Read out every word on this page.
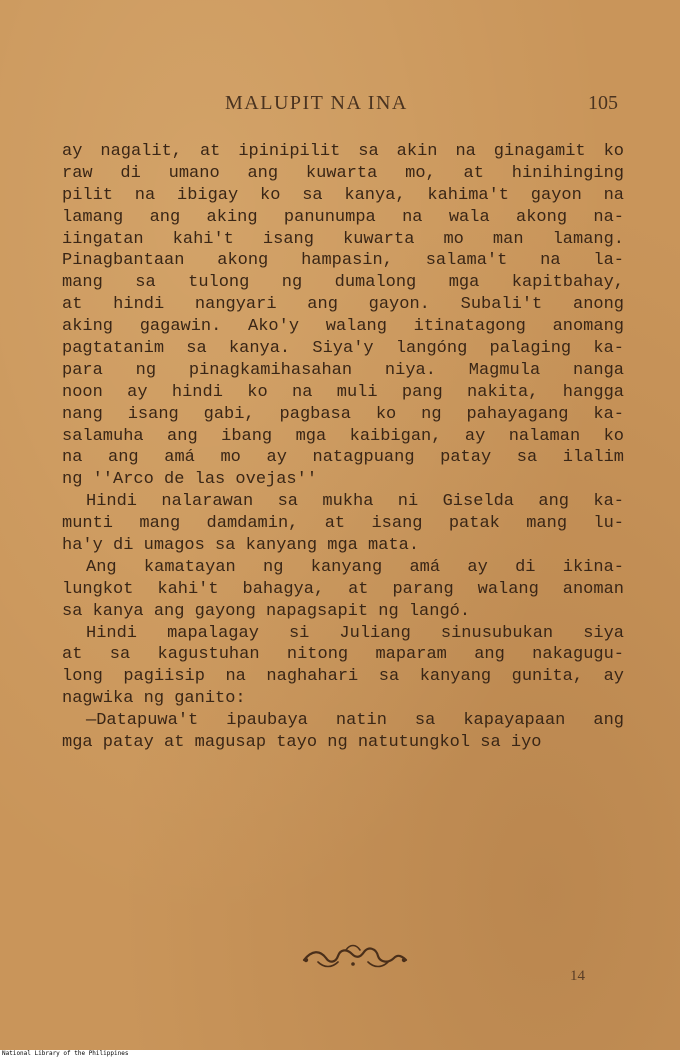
MALUPIT NA INA	105
ay nagalit, at ipinipilit sa akin na ginagamit ko
raw di umano ang kuwarta mo, at hinihinging
pilit na ibigay ko sa kanya, kahima't gayon na
lamang ang aking panunumpa na wala akong na-
iingatan kahi't isang kuwarta mo man lamang.
Pinagbantaan akong hampasin, salama't na la-
mang sa tulong ng dumalong mga kapitbahay,
at hindi nangyari ang gayon. Subali't anong
aking gagawin. Ako'y walang itinatagong anomang
pagtatanim sa kanya. Siya'y langóng palaging ka-
para ng pinagkamihasahan niya. Magmula nanga
noon ay hindi ko na muli pang nakita, hangga
nang isang gabi, pagbasa ko ng pahayagang ka-
salamuha ang ibang mga kaibigan, ay nalaman ko
na ang amá mo ay natagpuang patay sa ilalim
ng ''Arco de las ovejas''
Hindi nalarawan sa mukha ni Giselda ang ka-
munti mang damdamin, at isang patak mang lu-
ha'y di umagos sa kanyang mga mata.
Ang kamatayan ng kanyang amá ay di ikina-
lungkot kahi't bahagya, at parang walang anoman
sa kanya ang gayong napagsapit ng langó.
Hindi mapalagay si Juliang sinusubukan siya
at sa kagustuhan nitong maparam ang nakagugu-
long pagiisip na naghahari sa kanyang gunita, ay
nagwika ng ganito:
—Datapuwa't ipaubaya natin sa kapayapaan ang
mga patay at magusap tayo ng natutungkol sa iyo
14
National Library of the Philippines
